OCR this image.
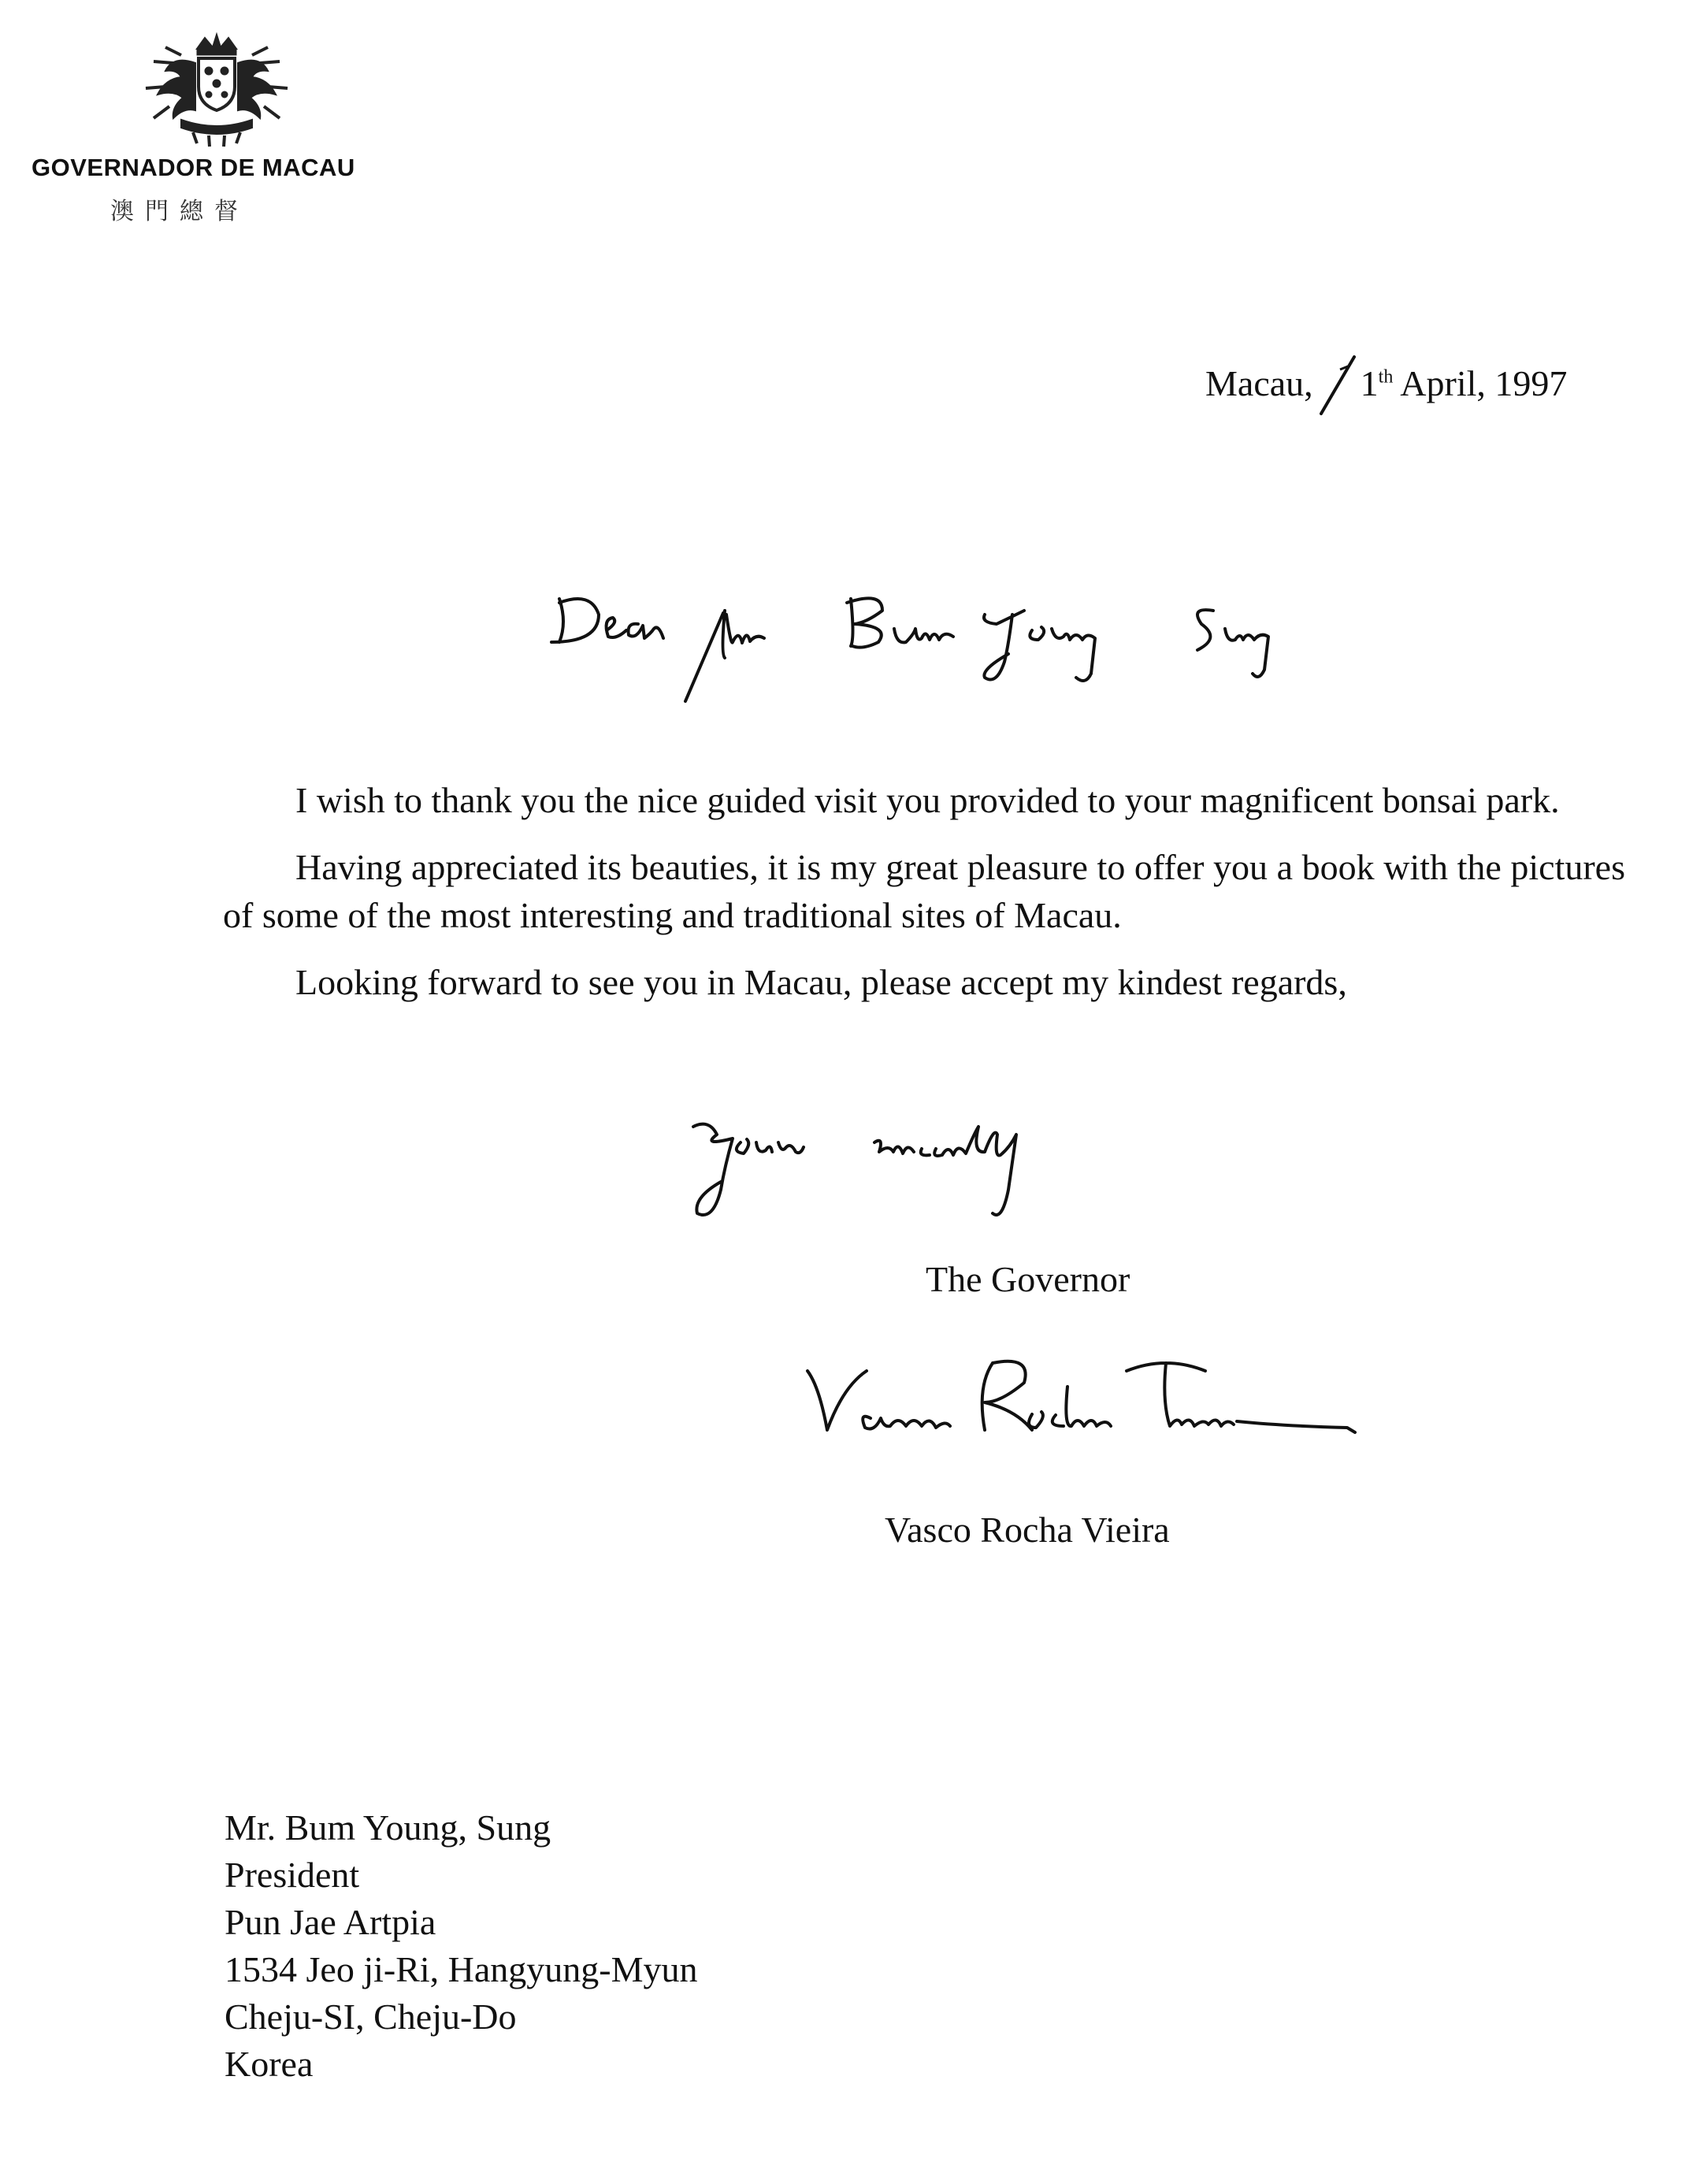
GOVERNADOR DE MACAU
澳門總督
Macau, 1th April, 1997

I wish to thank you the nice guided visit you provided to your magnificent bonsai park.

Having appreciated its beauties, it is my great pleasure to offer you a book with the pictures of some of the most interesting and traditional sites of Macau.

Looking forward to see you in Macau, please accept my kindest regards,

The Governor
Vasco Rocha Vieira
Mr. Bum Young, Sung
President
Pun Jae Artpia
1534 Jeo ji-Ri, Hangyung-Myun
Cheju-SI, Cheju-Do
Korea
